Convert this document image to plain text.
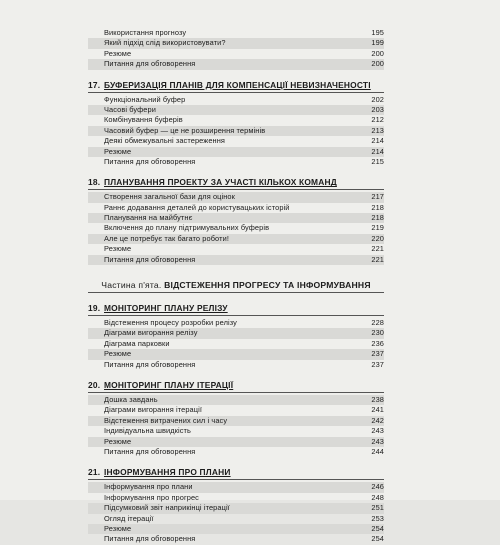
Використання прогнозу	195
Який підхід слід використовувати?	199
Резюме	200
Питання для обговорення	200
17. БУФЕРИЗАЦІЯ ПЛАНІВ ДЛЯ КОМПЕНСАЦІЇ НЕВИЗНАЧЕНОСТІ
Функціональний буфер	202
Часові буфери	203
Комбінування буферів	212
Часовий буфер — це не розширення термінів	213
Деякі обмежувальні застереження	214
Резюме	214
Питання для обговорення	215
18. ПЛАНУВАННЯ ПРОЕКТУ ЗА УЧАСТІ КІЛЬКОХ КОМАНД
Створення загальної бази для оцінок	217
Раннє додавання деталей до користувацьких історій	218
Планування на майбутнє	218
Включення до плану підтримувальних буферів	219
Але це потребує так багато роботи!	220
Резюме	221
Питання для обговорення	221
Частина п'ята. ВІДСТЕЖЕННЯ ПРОГРЕСУ ТА ІНФОРМУВАННЯ
19. МОНІТОРИНГ ПЛАНУ РЕЛІЗУ
Відстеження процесу розробки релізу	228
Діаграми вигорання релізу	230
Діаграма парковки	236
Резюме	237
Питання для обговорення	237
20. МОНІТОРИНГ ПЛАНУ ІТЕРАЦІЇ
Дошка завдань	238
Діаграми вигорання ітерації	241
Відстеження витрачених сил і часу	242
Індивідуальна швидкість	243
Резюме	243
Питання для обговорення	244
21. ІНФОРМУВАННЯ ПРО ПЛАНИ
Інформування про плани	246
Інформування про прогрес	248
Підсумковий звіт наприкінці ітерації	251
Огляд ітерації	253
Резюме	254
Питання для обговорення	254
